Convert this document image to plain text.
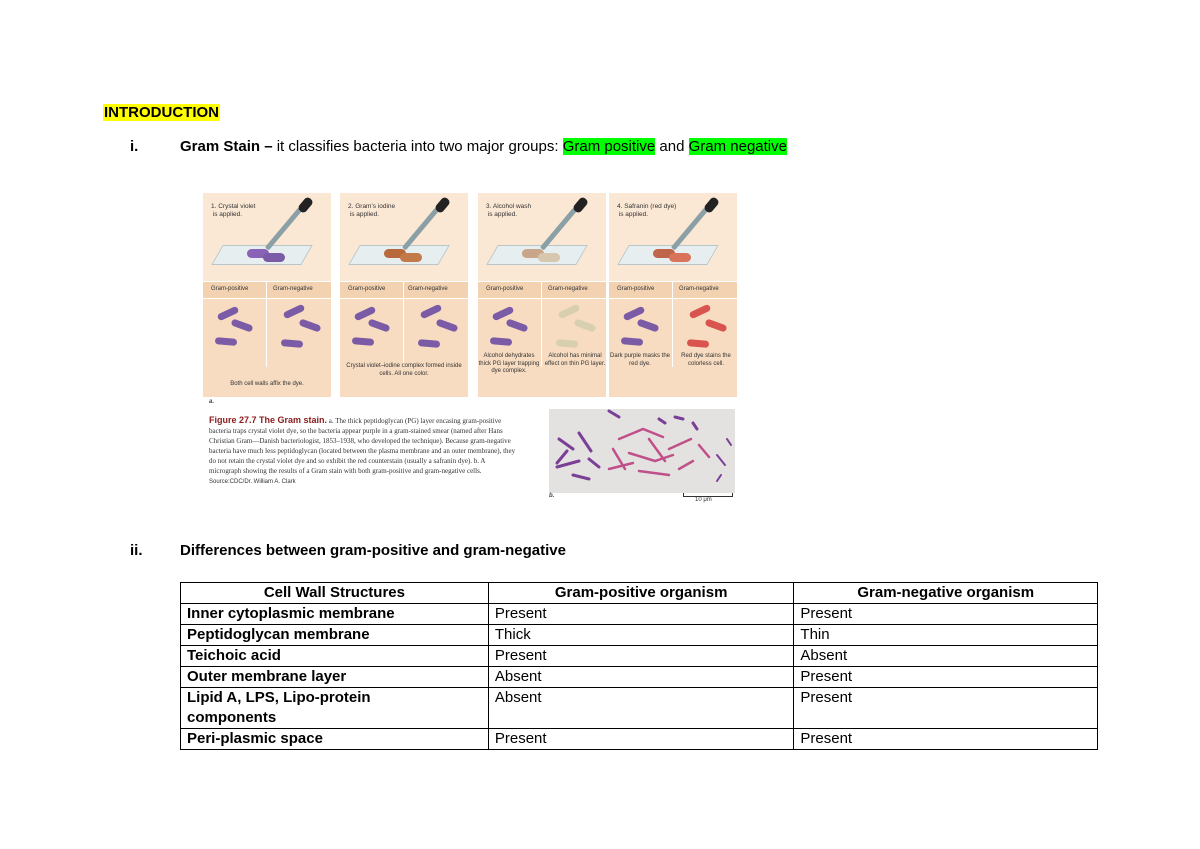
INTRODUCTION
i.	Gram Stain – it classifies bacteria into two major groups: Gram positive and Gram negative
1. Crystal violet
is applied.
Gram-positive	Gram-negative
Both cell walls affix the dye.
2. Gram's iodine
is applied.
Gram-positive	Gram-negative
Crystal violet–iodine complex formed inside cells. All one color.
3. Alcohol wash
is applied.
Gram-positive	Gram-negative
Alcohol dehydrates thick PG layer trapping dye complex.
Alcohol has minimal effect on thin PG layer.
4. Safranin (red dye)
is applied.
Gram-positive	Gram-negative
Dark purple masks the red dye.
Red dye stains the colorless cell.
a.
Figure 27.7 The Gram stain. a. The thick peptidoglycan (PG) layer encasing gram-positive bacteria traps crystal violet dye, so the bacteria appear purple in a gram-stained smear (named after Hans Christian Gram—Danish bacteriologist, 1853–1938, who developed the technique). Because gram-negative bacteria have much less peptidoglycan (located between the plasma membrane and an outer membrane), they do not retain the crystal violet dye and so exhibit the red counterstain (usually a safranin dye). b. A micrograph showing the results of a Gram stain with both gram-positive and gram-negative cells. Source:CDC/Dr. William A. Clark
b.
10 μm
ii. Differences between gram-positive and gram-negative
Cell Wall Structures	Gram-positive organism	Gram-negative organism
Inner cytoplasmic membrane	Present	Present
Peptidoglycan membrane	Thick	Thin
Teichoic acid	Present	Absent
Outer membrane layer	Absent	Present

Lipid A, LPS, Lipo-protein components	Absent	Present
Peri-plasmic space	Present	Present
